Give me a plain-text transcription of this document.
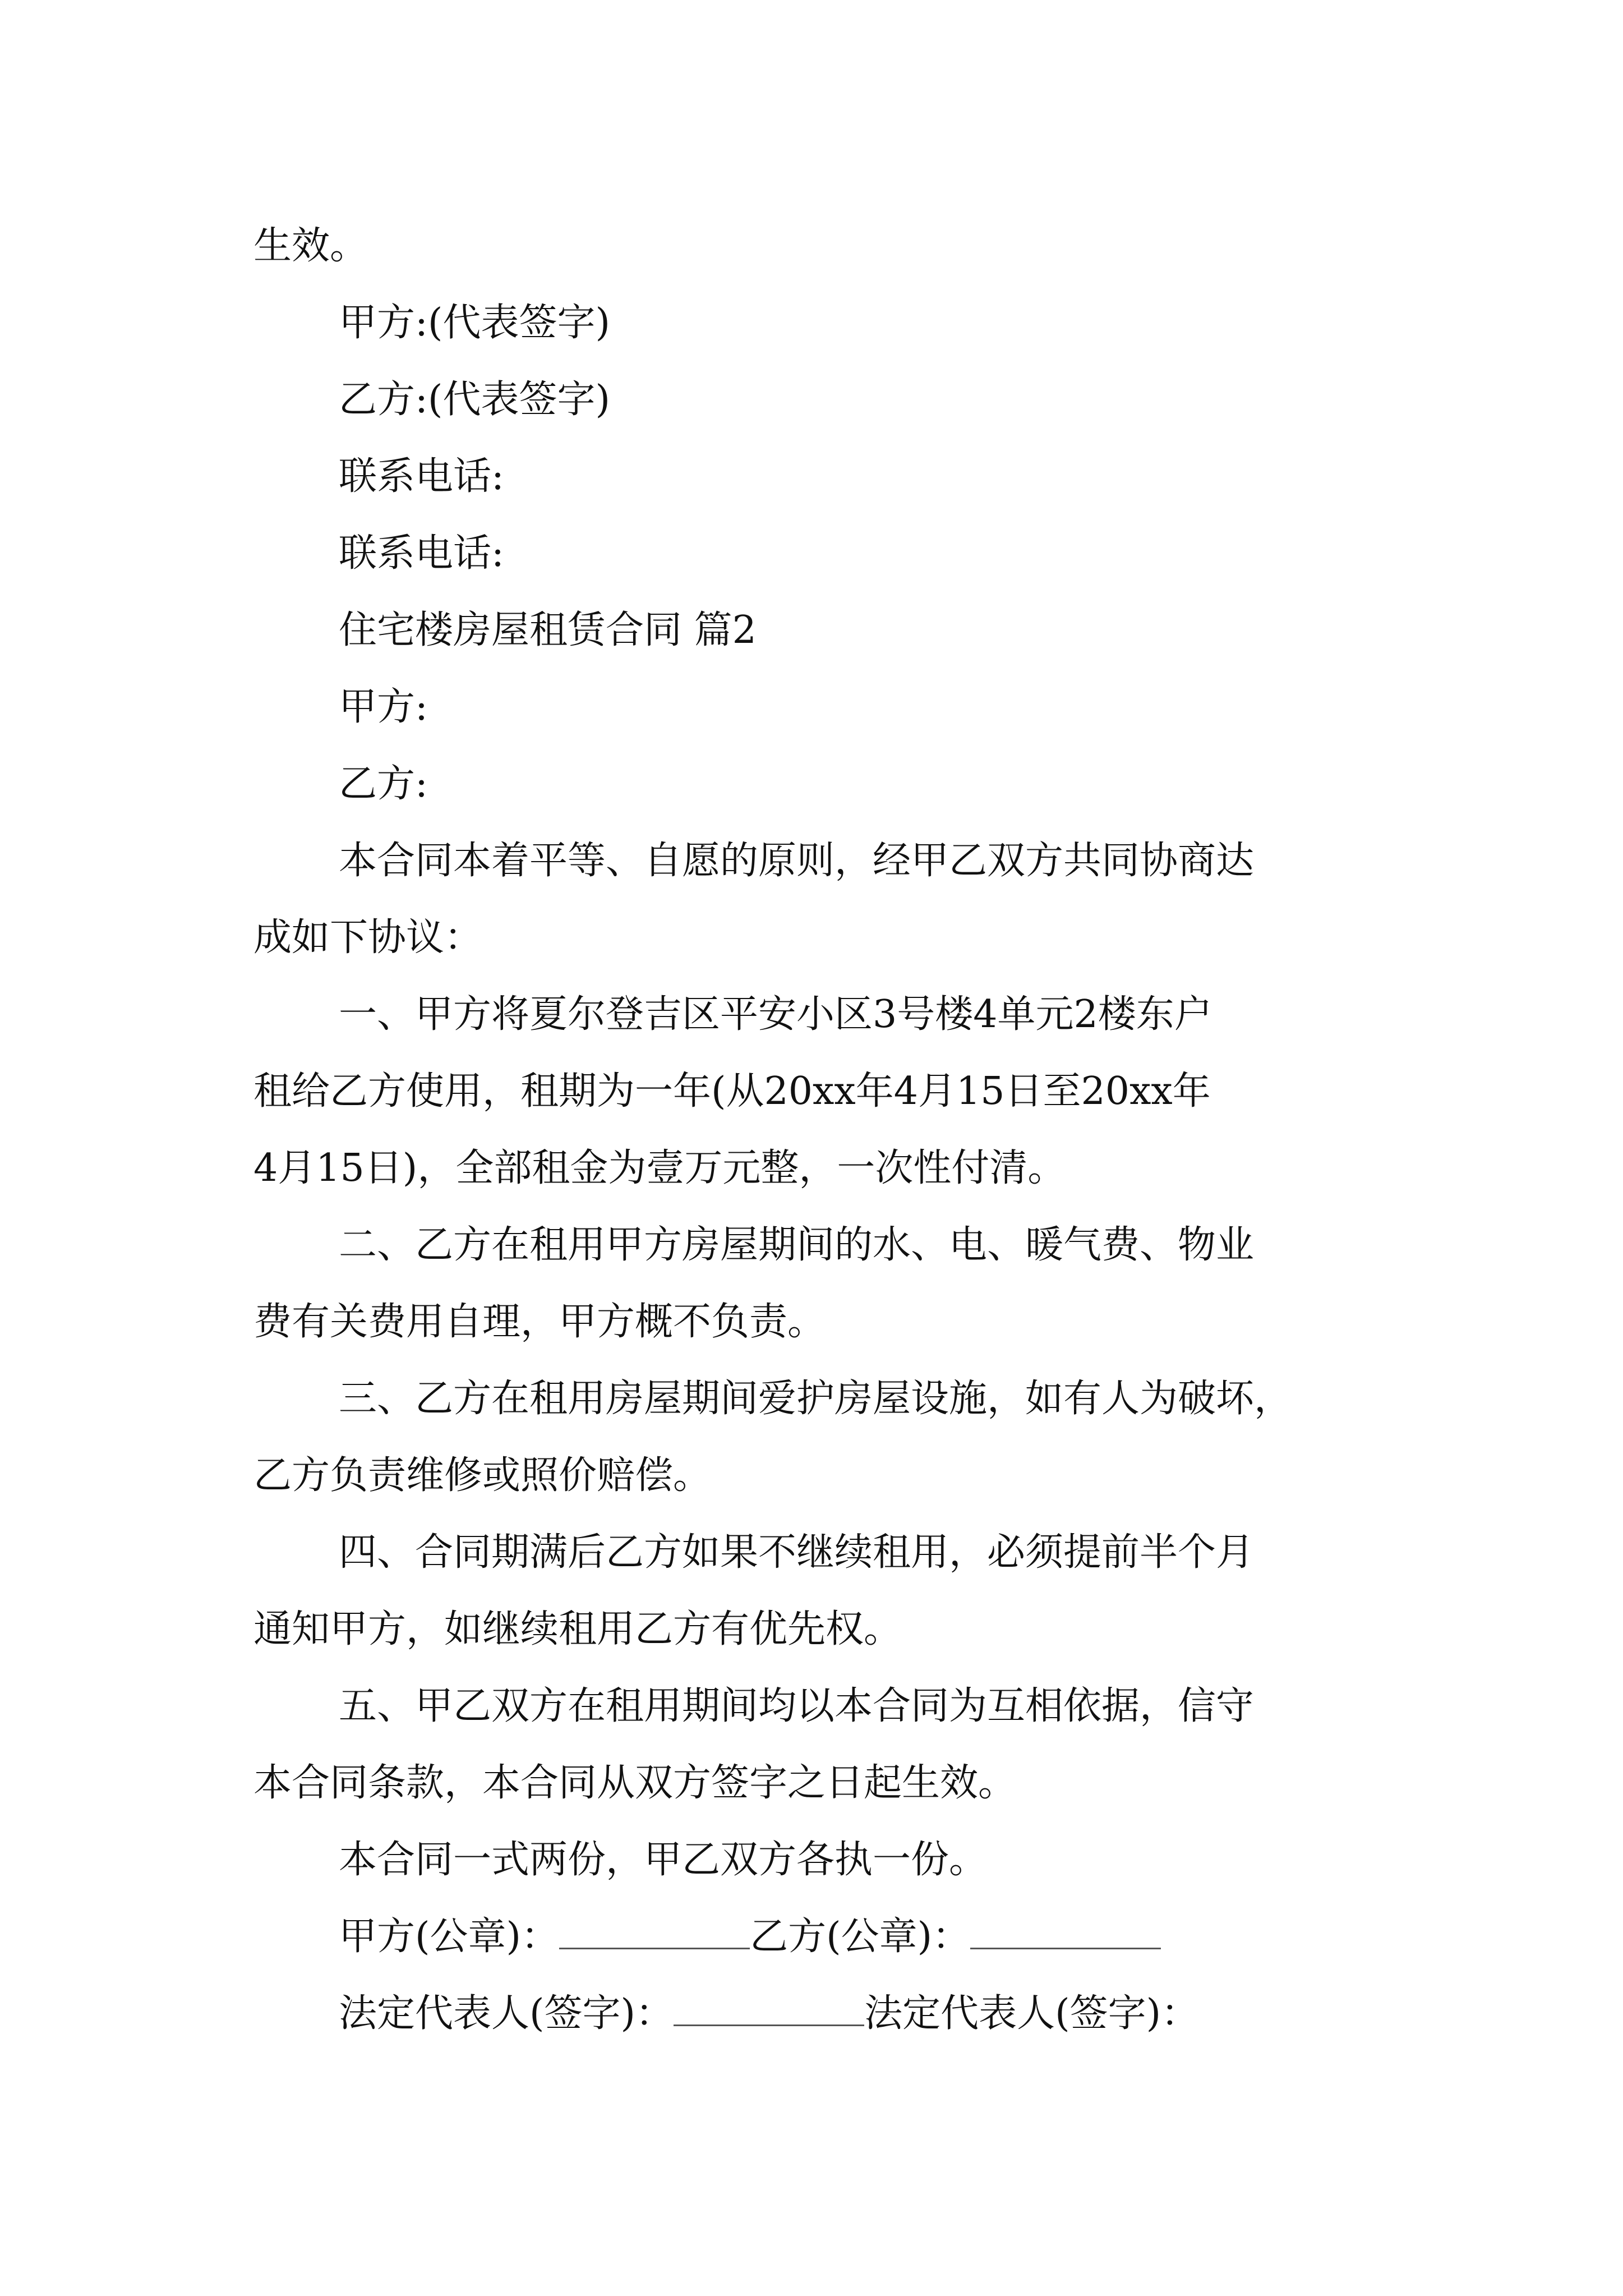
生效。
甲方:(代表签字)
乙方:(代表签字)
联系电话:
联系电话:
住宅楼房屋租赁合同 篇2
甲方:
乙方:
本合同本着平等、自愿的原则，经甲乙双方共同协商达
成如下协议：
一、甲方将夏尔登吉区平安小区3号楼4单元2楼东户
租给乙方使用，租期为一年(从20xx年4月15日至20xx年
4月15日)，全部租金为壹万元整，一次性付清。
二、乙方在租用甲方房屋期间的水、电、暖气费、物业
费有关费用自理，甲方概不负责。
三、乙方在租用房屋期间爱护房屋设施，如有人为破坏，
乙方负责维修或照价赔偿。
四、合同期满后乙方如果不继续租用，必须提前半个月
通知甲方，如继续租用乙方有优先权。
五、甲乙双方在租用期间均以本合同为互相依据，信守
本合同条款，本合同从双方签字之日起生效。
本合同一式两份，甲乙双方各执一份。
甲方(公章)：	乙方(公章)：
法定代表人(签字)：	法定代表人(签字)：
